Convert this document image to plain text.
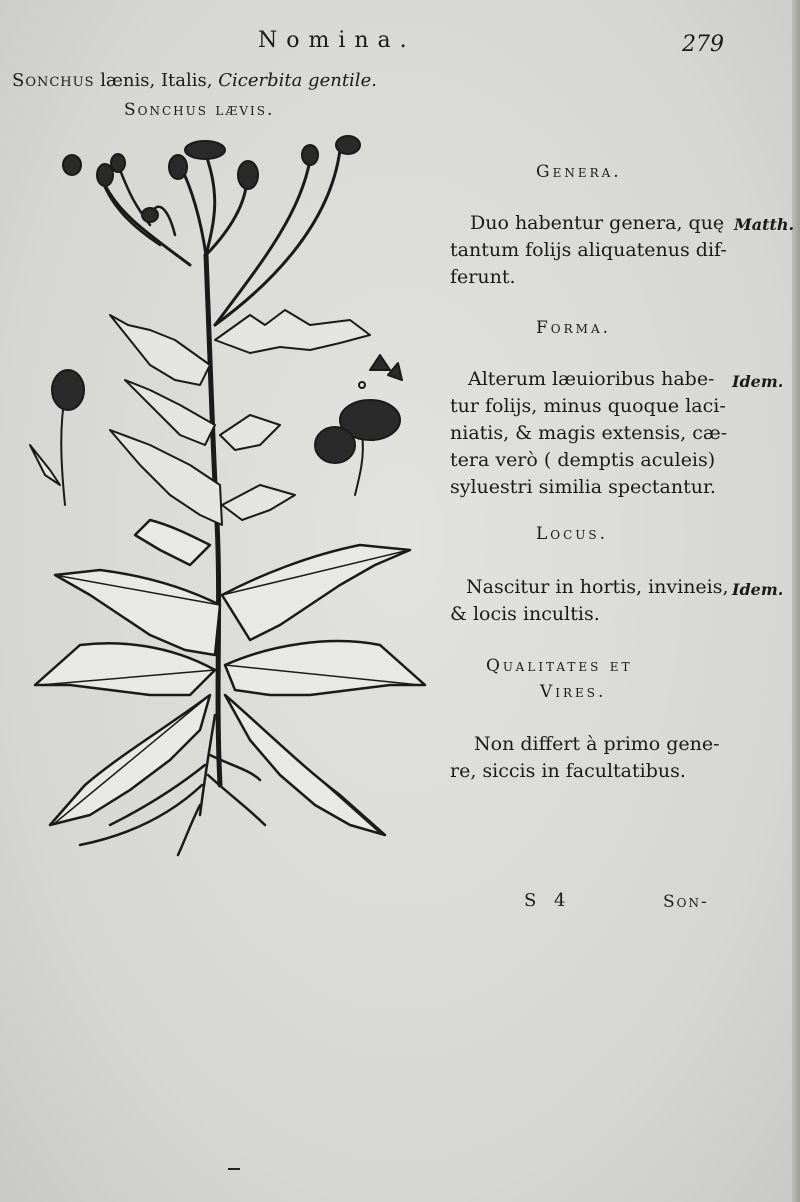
Nomina.	279
Sonchus lænis, Italis, Cicerbita gentile.
Sonchus lævis.
Genera.
Duo habentur genera, quę
tantum folijs aliquatenus dif-
ferunt.
Matth.
Forma.
Alterum læuioribus habe-
tur folijs, minus quoque laci-
niatis, & magis extensis, cæ-
tera verò ( demptis aculeis)
syluestri similia spectantur.
Idem.
Locus.
Nascitur in hortis, invineis,
& locis incultis.
Idem.
Qualitates et
Vires.
Non differt à primo gene-
re, siccis in facultatibus.
S 4	Son-
